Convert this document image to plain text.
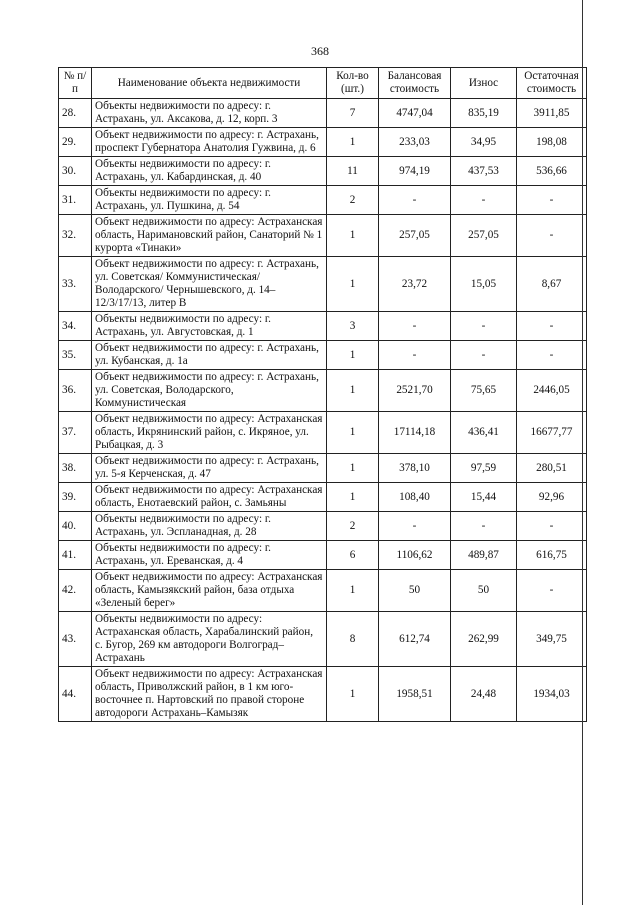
368
№ п/п	Наименование объекта недвижимости	Кол-во (шт.)	Балансовая стоимость	Износ	Остаточная стоимость
28.	Объекты недвижимости по адресу: г. Астрахань, ул. Аксакова, д. 12, корп. 3	7	4747,04	835,19	3911,85
29.	Объект недвижимости по адресу: г. Астрахань, проспект Губернатора Анатолия Гужвина, д. 6	1	233,03	34,95	198,08
30.	Объекты недвижимости по адресу: г. Астрахань, ул. Кабардинская, д. 40	11	974,19	437,53	536,66
31.	Объекты недвижимости по адресу: г. Астрахань, ул. Пушкина, д. 54	2	-	-	-
32.	Объект недвижимости по адресу: Астраханская область, Наримановский район, Санаторий № 1 курорта «Тинаки»	1	257,05	257,05	-
33.	Объект недвижимости по адресу: г. Астрахань, ул. Советская/ Коммунистическая/Володарского/ Чернышевского, д. 14–12/3/17/13, литер В	1	23,72	15,05	8,67
34.	Объекты недвижимости по адресу: г. Астрахань, ул. Августовская, д. 1	3	-	-	-
35.	Объект недвижимости по адресу: г. Астрахань, ул. Кубанская, д. 1а	1	-	-	-
36.	Объект недвижимости по адресу: г. Астрахань, ул. Советская, Володарского, Коммунистическая	1	2521,70	75,65	2446,05
37.	Объект недвижимости по адресу: Астраханская область, Икрянинский район, с. Икряное, ул. Рыбацкая, д. 3	1	17114,18	436,41	16677,77
38.	Объект недвижимости по адресу: г. Астрахань, ул. 5-я Керченская, д. 47	1	378,10	97,59	280,51
39.	Объект недвижимости по адресу: Астраханская область, Енотаевский район, с. Замьяны	1	108,40	15,44	92,96
40.	Объекты недвижимости по адресу: г. Астрахань, ул. Эспланадная, д. 28	2	-	-	-
41.	Объекты недвижимости по адресу: г. Астрахань, ул. Ереванская, д. 4	6	1106,62	489,87	616,75
42.	Объект недвижимости по адресу: Астраханская область, Камызякский район, база отдыха «Зеленый берег»	1	50	50	-
43.	Объекты недвижимости по адресу: Астраханская область, Харабалинский район, с. Бугор, 269 км автодороги Волгоград–Астрахань	8	612,74	262,99	349,75
44.	Объект недвижимости по адресу: Астраханская область, Приволжский район, в 1 км юго-восточнее п. Нартовский по правой стороне автодороги Астрахань–Камызяк	1	1958,51	24,48	1934,03
